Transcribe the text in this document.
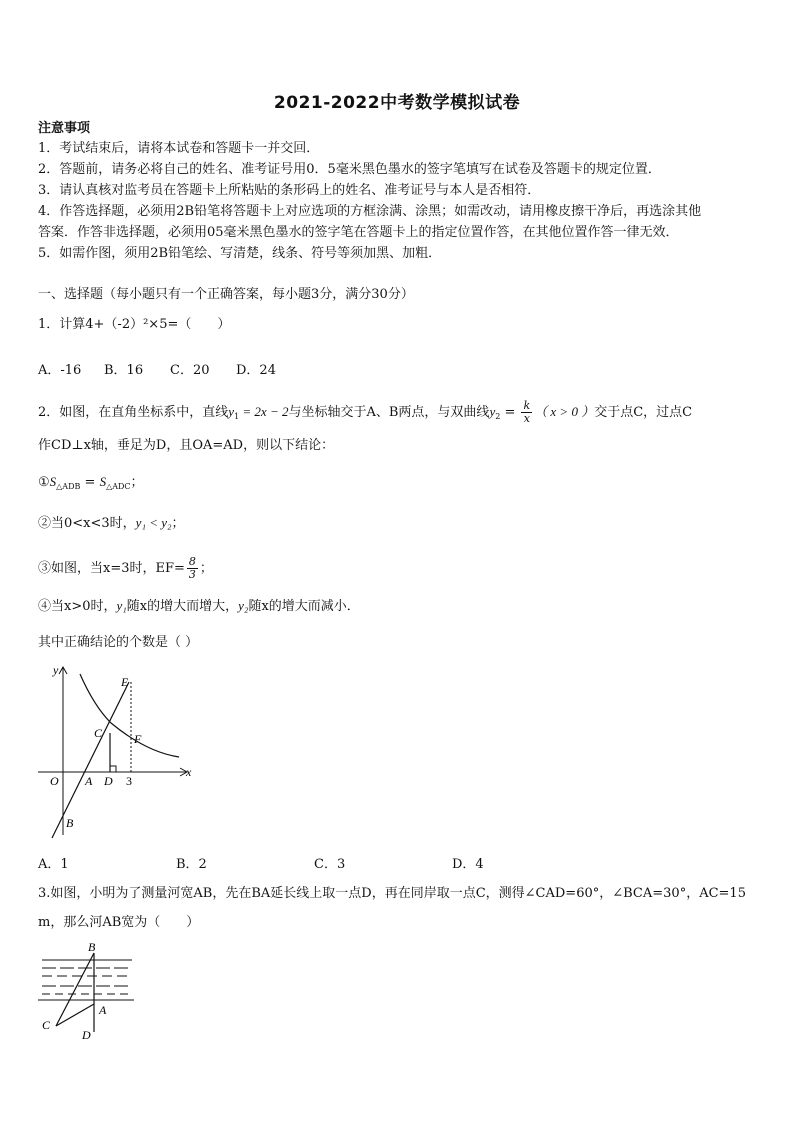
2021-2022中考数学模拟试卷
注意事项
1．考试结束后，请将本试卷和答题卡一并交回．
2．答题前，请务必将自己的姓名、准考证号用0．5毫米黑色墨水的签字笔填写在试卷及答题卡的规定位置．
3．请认真核对监考员在答题卡上所粘贴的条形码上的姓名、准考证号与本人是否相符．
4．作答选择题，必须用2B铅笔将答题卡上对应选项的方框涂满、涂黑；如需改动，请用橡皮擦干净后，再选涂其他
答案．作答非选择题，必须用05毫米黑色墨水的签字笔在答题卡上的指定位置作答，在其他位置作答一律无效．
5．如需作图，须用2B铅笔绘、写清楚，线条、符号等须加黑、加粗．
一、选择题（每小题只有一个正确答案，每小题3分，满分30分）
1．计算4+（-2）²×5=（　　）
A．-16 B．16 C．20 D．24
2．如图，在直角坐标系中，直线$y_1 = 2x - 2$与坐标轴交于A、B两点，与双曲线$y_2 = \frac{k}{x}$ （ x > 0 ）交于点C，过点C
作CD⊥x轴，垂足为D，且OA=AD，则以下结论：
$①S_{\triangle ADB} = S_{\triangle ADC}$；
②当0<x<3时，y₁ < y₂；
③如图，当x=3时，$EF= \frac{8}{3}$ ；
④当x>0时，y₁随x的增大而增大，y₂随x的增大而减小．
其中正确结论的个数是（ ）
y
x
O A D 3
B
C
E
F
A．1	B．2	C．3	D．4
3.如图，小明为了测量河宽AB，先在BA延长线上取一点D，再在同岸取一点C，测得∠CAD=60°，∠BCA=30°，AC=15
m，那么河AB宽为（　　）
B
A
C
D
